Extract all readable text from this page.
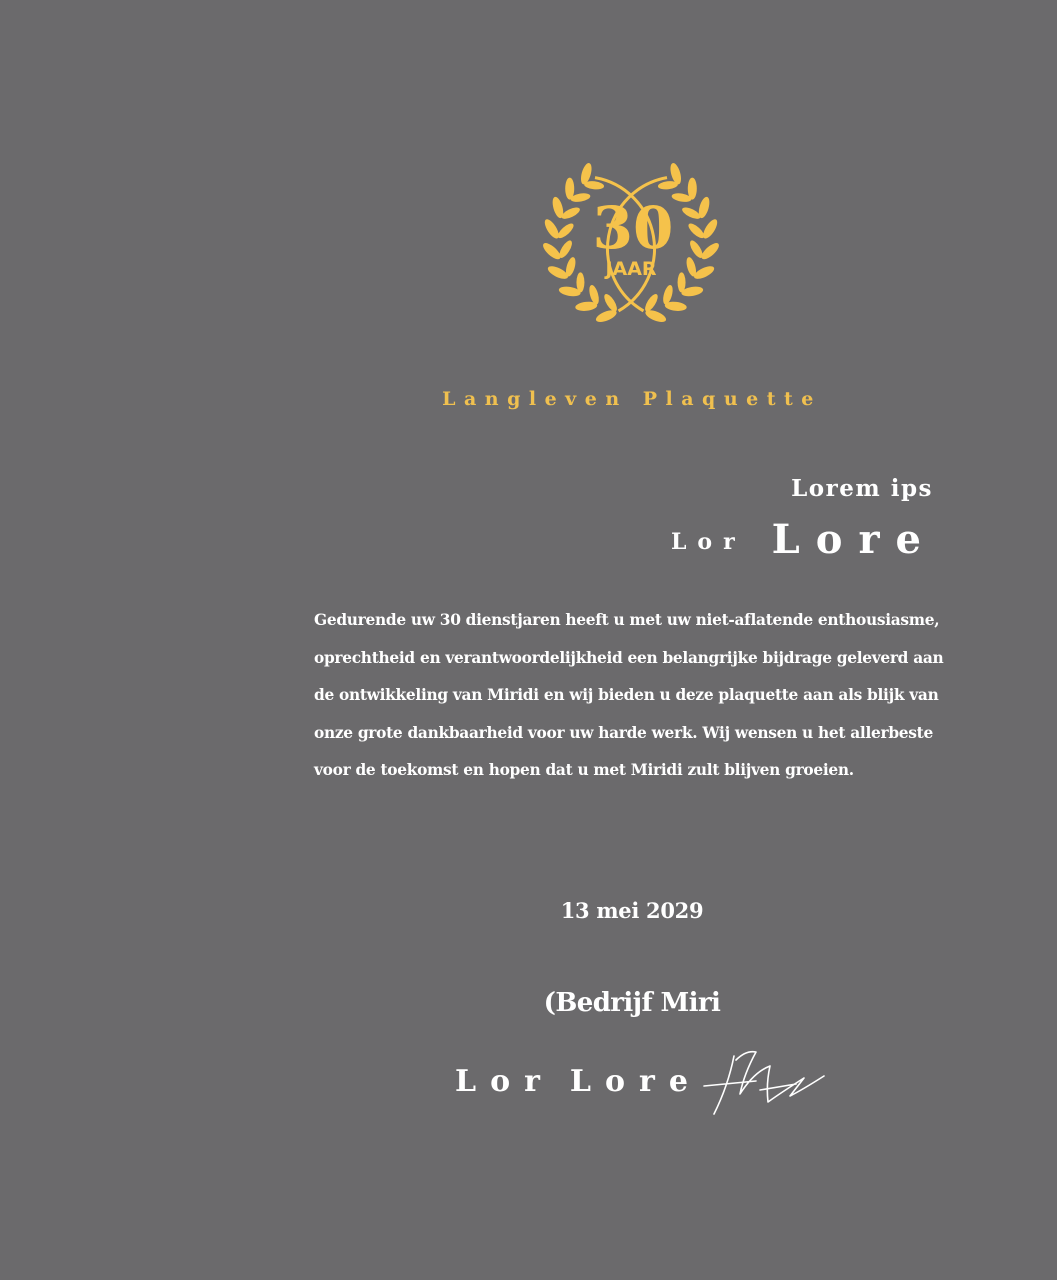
30
JAAR
Langleven Plaquette
Lorem ips
Lor Lore
Gedurende uw 30 dienstjaren heeft u met uw niet-aflatende enthousiasme, oprechtheid en verantwoordelijkheid een belangrijke bijdrage geleverd aan de ontwikkeling van Miridi en wij bieden u deze plaquette aan als blijk van onze grote dankbaarheid voor uw harde werk. Wij wensen u het allerbeste voor de toekomst en hopen dat u met Miridi zult blijven groeien.
13 mei 2029
(Bedrijf Miri
Lor Lore
